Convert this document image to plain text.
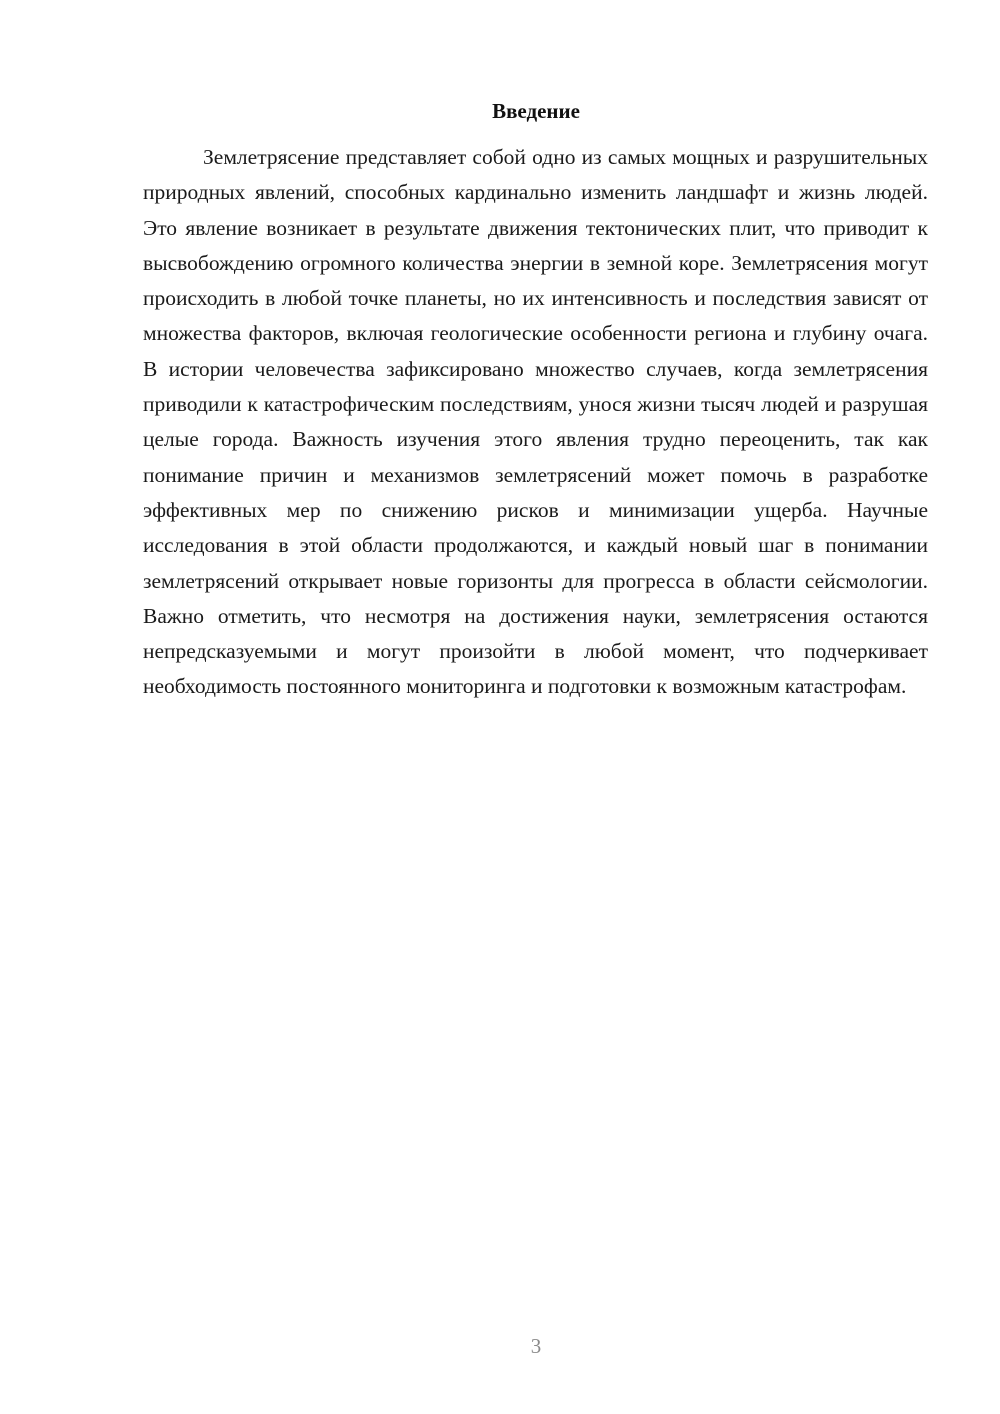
Введение

Землетрясение представляет собой одно из самых мощных и разрушительных природных явлений, способных кардинально изменить ландшафт и жизнь людей. Это явление возникает в результате движения тектонических плит, что приводит к высвобождению огромного количества энергии в земной коре. Землетрясения могут происходить в любой точке планеты, но их интенсивность и последствия зависят от множества факторов, включая геологические особенности региона и глубину очага. В истории человечества зафиксировано множество случаев, когда землетрясения приводили к катастрофическим последствиям, унося жизни тысяч людей и разрушая целые города. Важность изучения этого явления трудно переоценить, так как понимание причин и механизмов землетрясений может помочь в разработке эффективных мер по снижению рисков и минимизации ущерба. Научные исследования в этой области продолжаются, и каждый новый шаг в понимании землетрясений открывает новые горизонты для прогресса в области сейсмологии. Важно отметить, что несмотря на достижения науки, землетрясения остаются непредсказуемыми и могут произойти в любой момент, что подчеркивает необходимость постоянного мониторинга и подготовки к возможным катастрофам.

3
